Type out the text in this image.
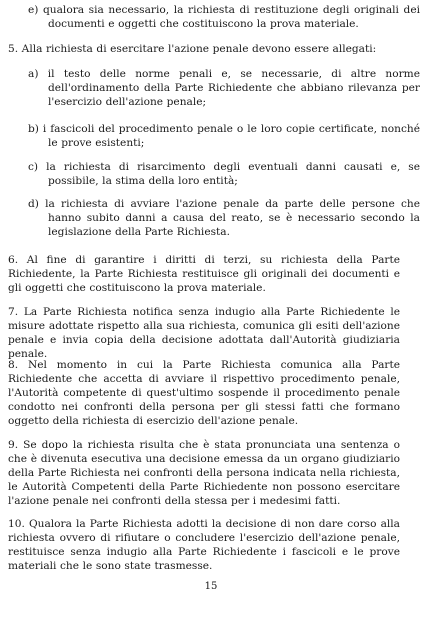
e) qualora sia necessario, la richiesta di restituzione degli originali dei documenti e oggetti che costituiscono la prova materiale.
5. Alla richiesta di esercitare l'azione penale devono essere allegati:
a) il testo delle norme penali e, se necessarie, di altre norme dell'ordinamento della Parte Richiedente che abbiano rilevanza per l'esercizio dell'azione penale;
b) i fascicoli del procedimento penale o le loro copie certificate, nonché le prove esistenti;
c) la richiesta di risarcimento degli eventuali danni causati e, se possibile, la stima della loro entità;
d) la richiesta di avviare l'azione penale da parte delle persone che hanno subito danni a causa del reato, se è necessario secondo la legislazione della Parte Richiesta.
6. Al fine di garantire i diritti di terzi, su richiesta della Parte Richiedente, la Parte Richiesta restituisce gli originali dei documenti e gli oggetti che costituiscono la prova materiale.
7. La Parte Richiesta notifica senza indugio alla Parte Richiedente le misure adottate rispetto alla sua richiesta, comunica gli esiti dell'azione penale e invia copia della decisione adottata dall'Autorità giudiziaria penale.
8. Nel momento in cui la Parte Richiesta comunica alla Parte Richiedente che accetta di avviare il rispettivo procedimento penale, l'Autorità competente di quest'ultimo sospende il procedimento penale condotto nei confronti della persona per gli stessi fatti che formano oggetto della richiesta di esercizio dell'azione penale.
9. Se dopo la richiesta risulta che è stata pronunciata una sentenza o che è divenuta esecutiva una decisione emessa da un organo giudiziario della Parte Richiesta nei confronti della persona indicata nella richiesta, le Autorità Competenti della Parte Richiedente non possono esercitare l'azione penale nei confronti della stessa per i medesimi fatti.
10. Qualora la Parte Richiesta adotti la decisione di non dare corso alla richiesta ovvero di rifiutare o concludere l'esercizio dell'azione penale, restituisce senza indugio alla Parte Richiedente i fascicoli e le prove materiali che le sono state trasmesse.
15
